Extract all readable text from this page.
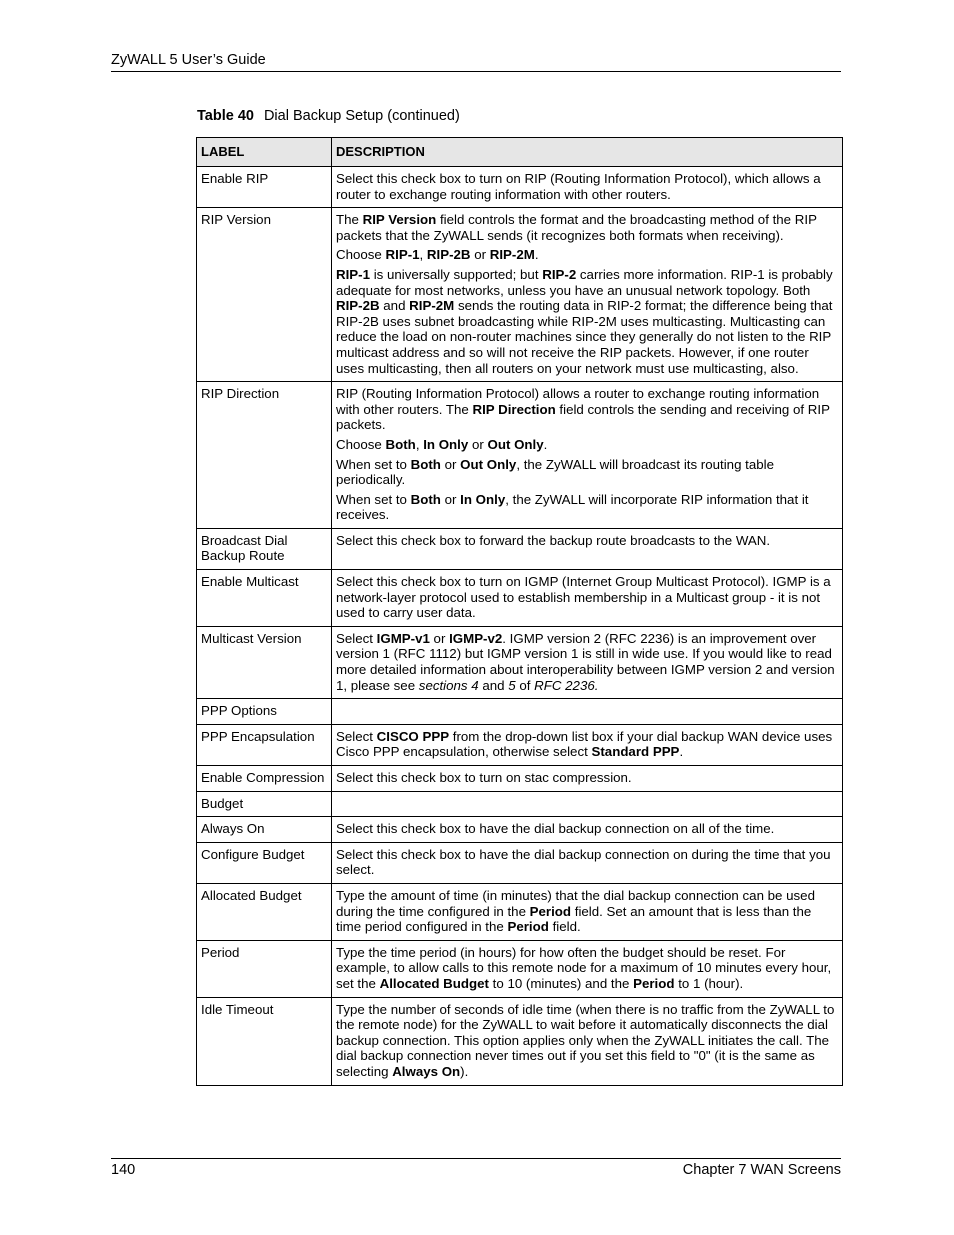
ZyWALL 5 User’s Guide
Table 40 Dial Backup Setup (continued)
LABEL	DESCRIPTION
Enable RIP	Select this check box to turn on RIP (Routing Information Protocol), which allows a router to exchange routing information with other routers.

RIP Version	The RIP Version field controls the format and the broadcasting method of the RIP packets that the ZyWALL sends (it recognizes both formats when receiving).

Choose RIP-1, RIP-2B or RIP-2M.

RIP-1 is universally supported; but RIP-2 carries more information. RIP-1 is probably adequate for most networks, unless you have an unusual network topology. Both RIP-2B and RIP-2M sends the routing data in RIP-2 format; the difference being that RIP-2B uses subnet broadcasting while RIP-2M uses multicasting. Multicasting can reduce the load on non-router machines since they generally do not listen to the RIP multicast address and so will not receive the RIP packets. However, if one router uses multicasting, then all routers on your network must use multicasting, also.

RIP Direction	RIP (Routing Information Protocol) allows a router to exchange routing information with other routers. The RIP Direction field controls the sending and receiving of RIP packets.

Choose Both, In Only or Out Only.

When set to Both or Out Only, the ZyWALL will broadcast its routing table periodically.

When set to Both or In Only, the ZyWALL will incorporate RIP information that it receives.

Broadcast Dial Backup Route	Select this check box to forward the backup route broadcasts to the WAN.

Enable Multicast	Select this check box to turn on IGMP (Internet Group Multicast Protocol). IGMP is a network-layer protocol used to establish membership in a Multicast group - it is not used to carry user data.

Multicast Version	Select IGMP-v1 or IGMP-v2. IGMP version 2 (RFC 2236) is an improvement over version 1 (RFC 1112) but IGMP version 1 is still in wide use. If you would like to read more detailed information about interoperability between IGMP version 2 and version 1, please see sections 4 and 5 of RFC 2236.

PPP Options	

PPP Encapsulation	Select CISCO PPP from the drop-down list box if your dial backup WAN device uses Cisco PPP encapsulation, otherwise select Standard PPP.

Enable Compression	Select this check box to turn on stac compression.

Budget	

Always On	Select this check box to have the dial backup connection on all of the time.

Configure Budget	Select this check box to have the dial backup connection on during the time that you select.

Allocated Budget	Type the amount of time (in minutes) that the dial backup connection can be used during the time configured in the Period field. Set an amount that is less than the time period configured in the Period field.

Period	Type the time period (in hours) for how often the budget should be reset. For example, to allow calls to this remote node for a maximum of 10 minutes every hour, set the Allocated Budget to 10 (minutes) and the Period to 1 (hour).

Idle Timeout	Type the number of seconds of idle time (when there is no traffic from the ZyWALL to the remote node) for the ZyWALL to wait before it automatically disconnects the dial backup connection. This option applies only when the ZyWALL initiates the call. The dial backup connection never times out if you set this field to "0" (it is the same as selecting Always On).

140	Chapter 7 WAN Screens
